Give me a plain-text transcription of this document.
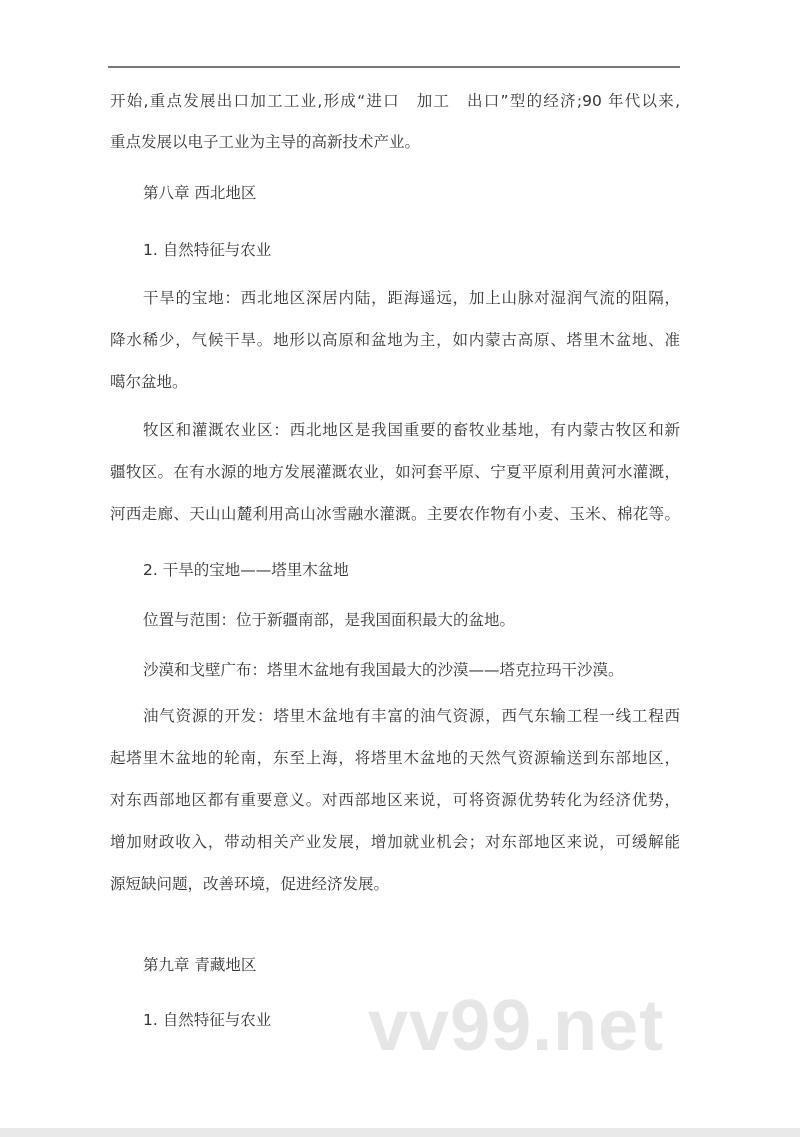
开始,重点发展出口加工工业,形成“进口　加工　出口”型的经济;90 年代以来,
重点发展以电子工业为主导的高新技术产业。
第八章 西北地区
1. 自然特征与农业
干旱的宝地：西北地区深居内陆，距海遥远，加上山脉对湿润气流的阻隔，
降水稀少，气候干旱。地形以高原和盆地为主，如内蒙古高原、塔里木盆地、准
噶尔盆地。
牧区和灌溉农业区：西北地区是我国重要的畜牧业基地，有内蒙古牧区和新
疆牧区。在有水源的地方发展灌溉农业，如河套平原、宁夏平原利用黄河水灌溉，
河西走廊、天山山麓利用高山冰雪融水灌溉。主要农作物有小麦、玉米、棉花等。
2. 干旱的宝地——塔里木盆地
位置与范围：位于新疆南部，是我国面积最大的盆地。
沙漠和戈壁广布：塔里木盆地有我国最大的沙漠——塔克拉玛干沙漠。
油气资源的开发：塔里木盆地有丰富的油气资源，西气东输工程一线工程西
起塔里木盆地的轮南，东至上海，将塔里木盆地的天然气资源输送到东部地区，
对东西部地区都有重要意义。对西部地区来说，可将资源优势转化为经济优势，
增加财政收入，带动相关产业发展，增加就业机会；对东部地区来说，可缓解能
源短缺问题，改善环境，促进经济发展。
第九章 青藏地区
1. 自然特征与农业	vv99.net
